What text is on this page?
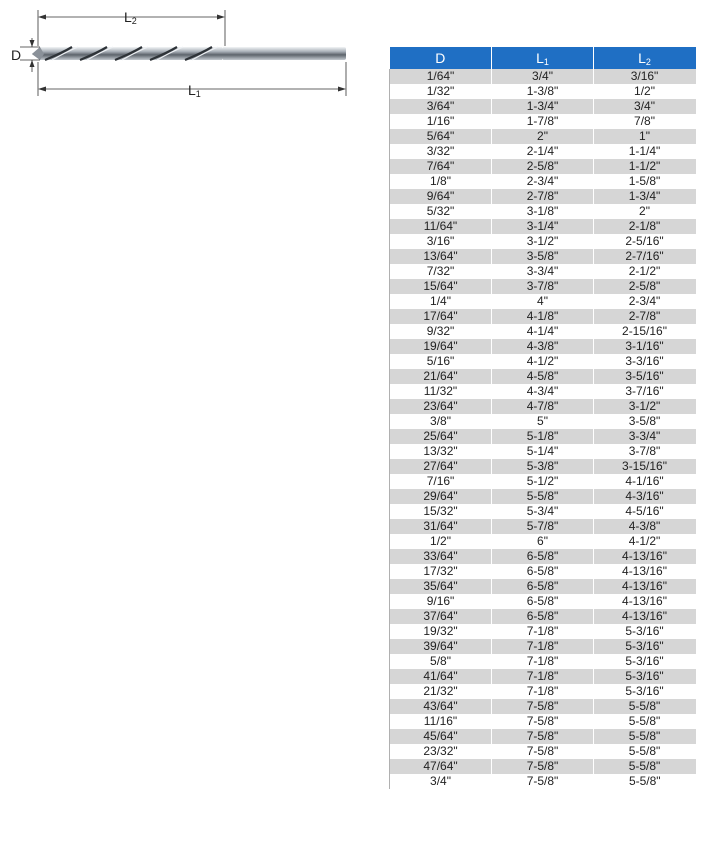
L2
D
L1
D	$L_1$	$L_2$
1/64"	3/4"	3/16"
1/32"	1-3/8"	1/2"
3/64"	1-3/4"	3/4"
1/16"	1-7/8"	7/8"
5/64"	2"	1"
3/32"	2-1/4"	1-1/4"
7/64"	2-5/8"	1-1/2"
1/8"	2-3/4"	1-5/8"
9/64"	2-7/8"	1-3/4"
5/32"	3-1/8"	2"
11/64"	3-1/4"	2-1/8"
3/16"	3-1/2"	2-5/16"
13/64"	3-5/8"	2-7/16"
7/32"	3-3/4"	2-1/2"
15/64"	3-7/8"	2-5/8"
1/4"	4"	2-3/4"
17/64"	4-1/8"	2-7/8"
9/32"	4-1/4"	2-15/16"
19/64"	4-3/8"	3-1/16"
5/16"	4-1/2"	3-3/16"
21/64"	4-5/8"	3-5/16"
11/32"	4-3/4"	3-7/16"
23/64"	4-7/8"	3-1/2"
3/8"	5"	3-5/8"
25/64"	5-1/8"	3-3/4"
13/32"	5-1/4"	3-7/8"
27/64"	5-3/8"	3-15/16"
7/16"	5-1/2"	4-1/16"
29/64"	5-5/8"	4-3/16"
15/32"	5-3/4"	4-5/16"
31/64"	5-7/8"	4-3/8"
1/2"	6"	4-1/2"
33/64"	6-5/8"	4-13/16"
17/32"	6-5/8"	4-13/16"
35/64"	6-5/8"	4-13/16"
9/16"	6-5/8"	4-13/16"
37/64"	6-5/8"	4-13/16"
19/32"	7-1/8"	5-3/16"
39/64"	7-1/8"	5-3/16"
5/8"	7-1/8"	5-3/16"
41/64"	7-1/8"	5-3/16"
21/32"	7-1/8"	5-3/16"
43/64"	7-5/8"	5-5/8"
11/16"	7-5/8"	5-5/8"
45/64"	7-5/8"	5-5/8"
23/32"	7-5/8"	5-5/8"
47/64"	7-5/8"	5-5/8"
3/4"	7-5/8"	5-5/8"
